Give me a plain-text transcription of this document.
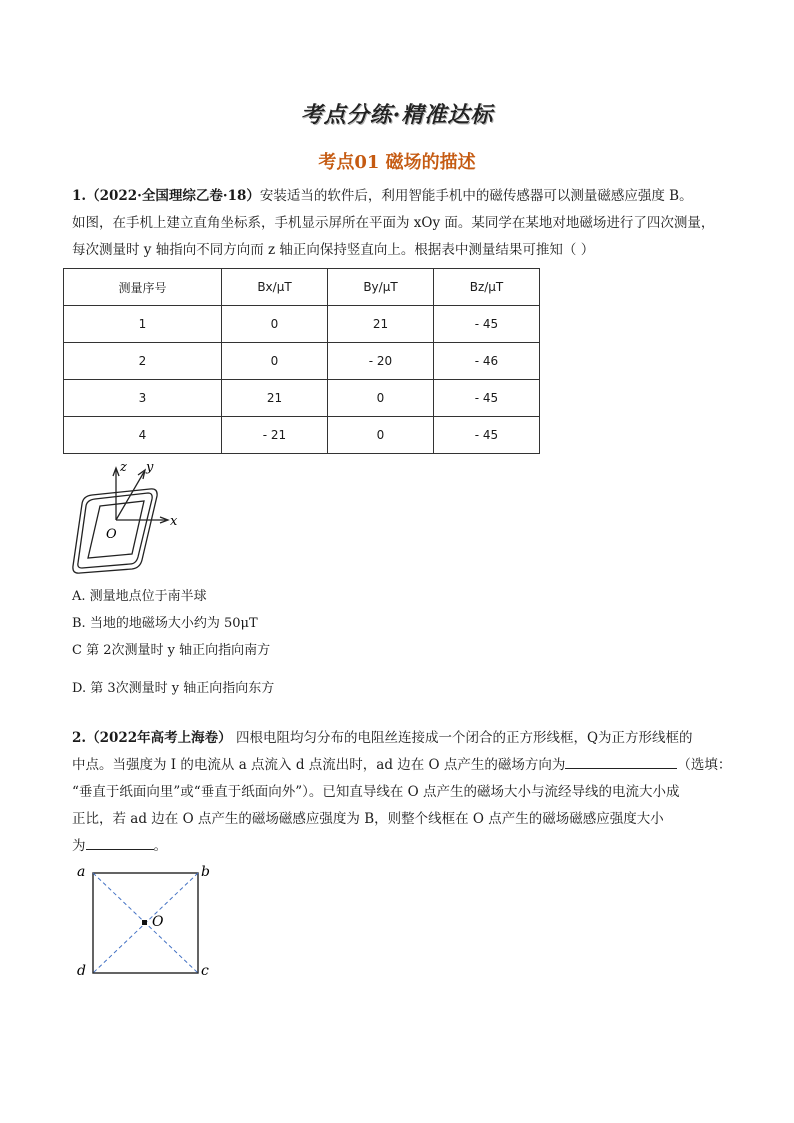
考点分练·精准达标
考点01 磁场的描述
1.（2022·全国理综乙卷·18）安装适当的软件后，利用智能手机中的磁传感器可以测量磁感应强度 B。
如图，在手机上建立直角坐标系，手机显示屏所在平面为 xOy 面。某同学在某地对地磁场进行了四次测量，
每次测量时 y 轴指向不同方向而 z 轴正向保持竖直向上。根据表中测量结果可推知（ ）
测量序号	Bx/μT	By/μT	Bz/μT
1	0	21	- 45
2	0	- 20	- 46
3	21	0	- 45
4	- 21	0	- 45
z y
x
O
A. 测量地点位于南半球
B. 当地的地磁场大小约为 50μT
C 第 2次测量时 y 轴正向指向南方
D. 第 3次测量时 y 轴正向指向东方
2.（2022年高考上海卷） 四根电阻均匀分布的电阻丝连接成一个闭合的正方形线框，Q为正方形线框的
中点。当强度为 I 的电流从 a 点流入 d 点流出时，ad 边在 O 点产生的磁场方向为	（选填：
“垂直于纸面向里”或“垂直于纸面向外”）。已知直导线在 O 点产生的磁场大小与流经导线的电流大小成
正比，若 ad 边在 O 点产生的磁场磁感应强度为 B，则整个线框在 O 点产生的磁场磁感应强度大小
为	。
a	b
c
d
O
